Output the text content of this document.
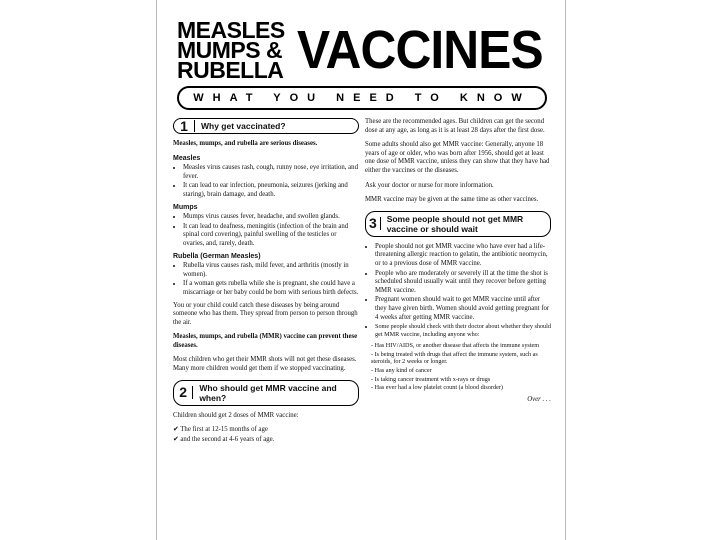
MEASLES
MUMPS &
RUBELLA VACCINES
WHAT YOU NEED TO KNOW
1	Why get vaccinated?

Measles, mumps, and rubella are serious diseases.

Measles
• Measles virus causes rash, cough, runny nose, eye irritation, and fever.
• It can lead to ear infection, pneumonia, seizures (jerking and staring), brain damage, and death.
Mumps
• Mumps virus causes fever, headache, and swollen glands.
• It can lead to deafness, meningitis (infection of the brain and spinal cord covering), painful swelling of the testicles or ovaries, and, rarely, death.
Rubella (German Measles)
• Rubella virus causes rash, mild fever, and arthritis (mostly in women).
• If a woman gets rubella while she is pregnant, she could have a miscarriage or her baby could be born with serious birth defects.

You or your child could catch these diseases by being around someone who has them. They spread from person to person through the air.

Measles, mumps, and rubella (MMR) vaccine can prevent these diseases.

Most children who get their MMR shots will not get these diseases. Many more children would get them if we stopped vaccinating.

2	Who should get MMR vaccine and when?

Children should get 2 doses of MMR vaccine:

✔ The first at 12-15 months of age
✔ and the second at 4-6 years of age.

These are the recommended ages. But children can get the second dose at any age, as long as it is at least 28 days after the first dose.

Some adults should also get MMR vaccine: Generally, anyone 18 years of age or older, who was born after 1956, should get at least one dose of MMR vaccine, unless they can show that they have had either the vaccines or the diseases.

Ask your doctor or nurse for more information.

MMR vaccine may be given at the same time as other vaccines.

3	Some people should not get MMR vaccine or should wait
• People should not get MMR vaccine who have ever had a life-threatening allergic reaction to gelatin, the antibiotic neomycin, or to a previous dose of MMR vaccine.
• People who are moderately or severely ill at the time the shot is scheduled should usually wait until they recover before getting MMR vaccine.
• Pregnant women should wait to get MMR vaccine until after they have given birth. Women should avoid getting pregnant for 4 weeks after getting MMR vaccine.
• Some people should check with their doctor about whether they should get MMR vaccine, including anyone who:
- Has HIV/AIDS, or another disease that affects the immune system
- Is being treated with drugs that affect the immune system, such as steroids, for 2 weeks or longer.
- Has any kind of cancer
- Is taking cancer treatment with x-rays or drugs
- Has ever had a low platelet count (a blood disorder)
Over . . .
